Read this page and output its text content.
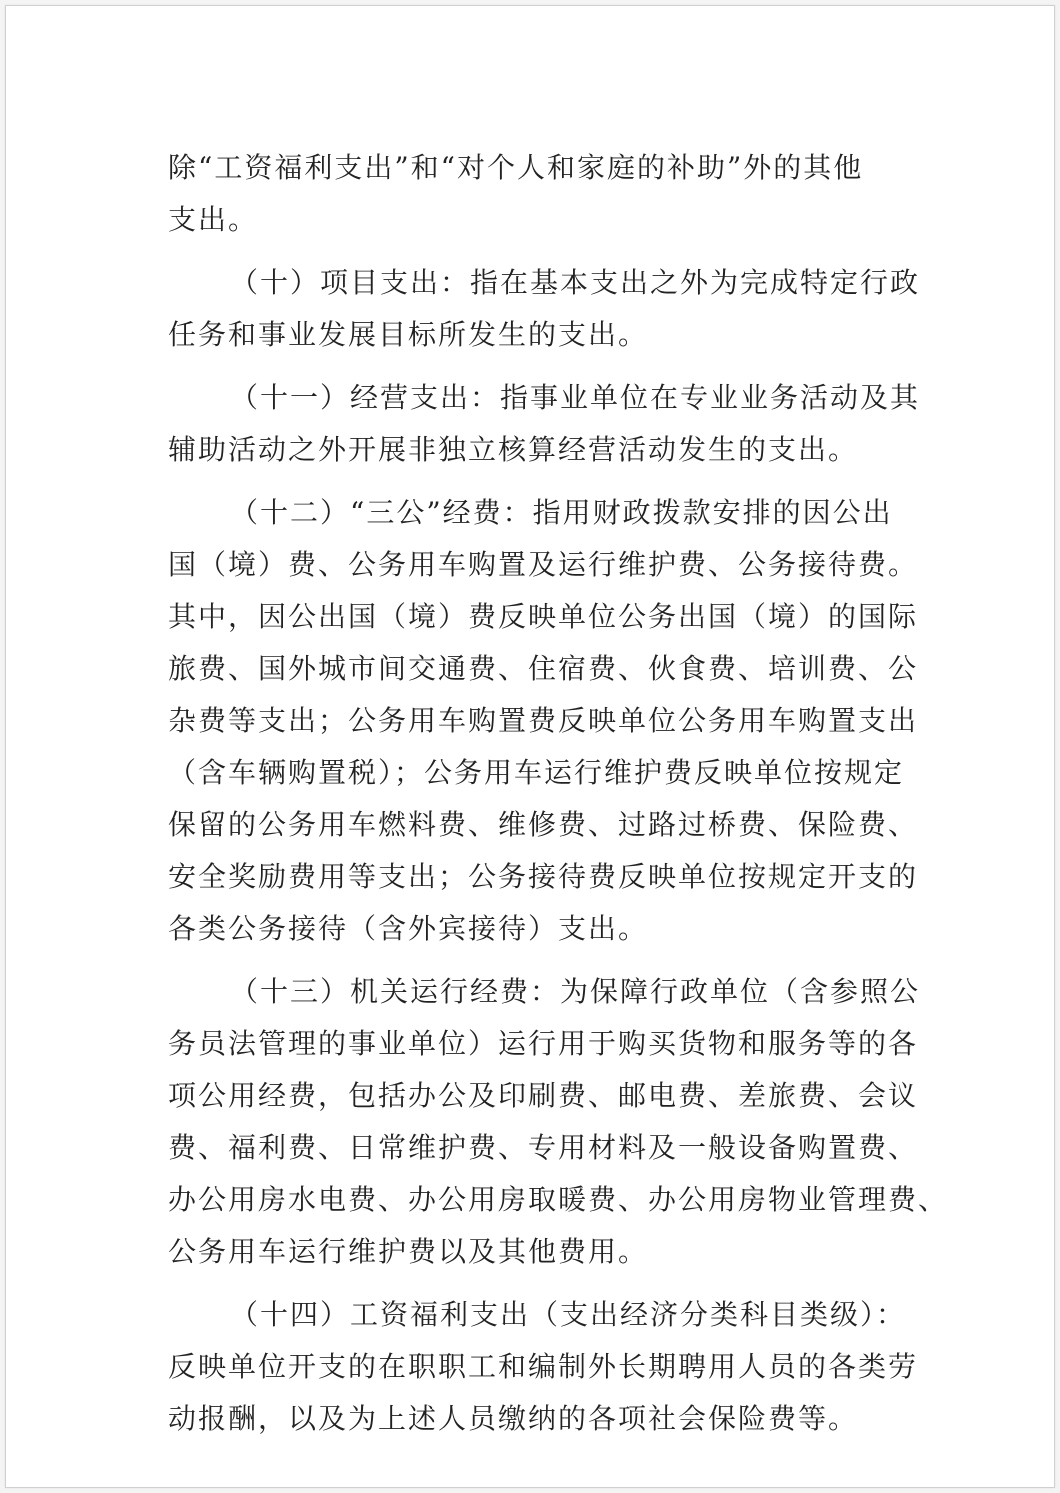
除“工资福利支出”和“对个人和家庭的补助”外的其他
支出。
（十）项目支出：指在基本支出之外为完成特定行政
任务和事业发展目标所发生的支出。
（十一）经营支出：指事业单位在专业业务活动及其
辅助活动之外开展非独立核算经营活动发生的支出。
（十二）“三公”经费：指用财政拨款安排的因公出
国（境）费、公务用车购置及运行维护费、公务接待费。
其中，因公出国（境）费反映单位公务出国（境）的国际
旅费、国外城市间交通费、住宿费、伙食费、培训费、公
杂费等支出；公务用车购置费反映单位公务用车购置支出
（含车辆购置税）；公务用车运行维护费反映单位按规定
保留的公务用车燃料费、维修费、过路过桥费、保险费、
安全奖励费用等支出；公务接待费反映单位按规定开支的
各类公务接待（含外宾接待）支出。
（十三）机关运行经费：为保障行政单位（含参照公
务员法管理的事业单位）运行用于购买货物和服务等的各
项公用经费，包括办公及印刷费、邮电费、差旅费、会议
费、福利费、日常维护费、专用材料及一般设备购置费、
办公用房水电费、办公用房取暖费、办公用房物业管理费、
公务用车运行维护费以及其他费用。
（十四）工资福利支出（支出经济分类科目类级）：
反映单位开支的在职职工和编制外长期聘用人员的各类劳
动报酬，以及为上述人员缴纳的各项社会保险费等。
